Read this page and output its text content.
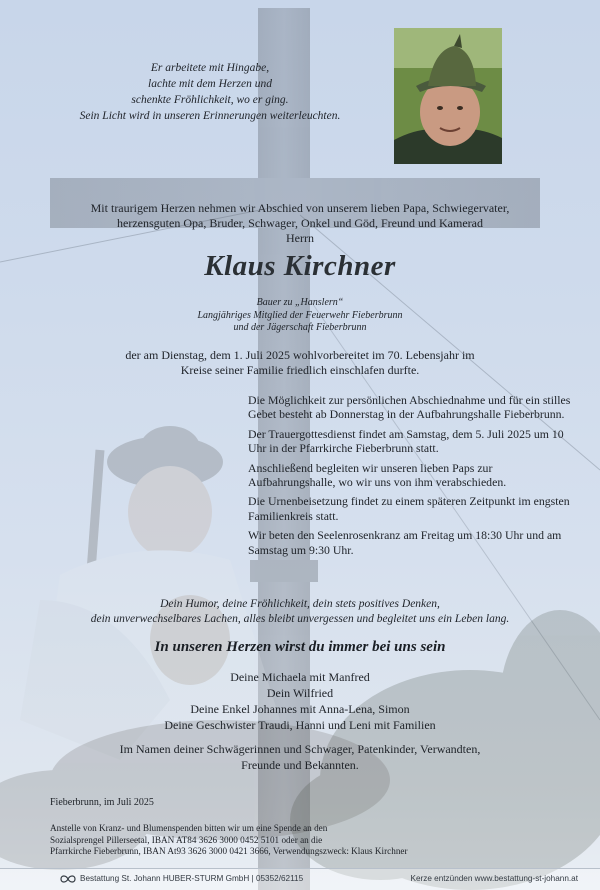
Er arbeitete mit Hingabe,
lachte mit dem Herzen und
schenkte Fröhlichkeit, wo er ging.
Sein Licht wird in unseren Erinnerungen weiterleuchten.

Mit traurigem Herzen nehmen wir Abschied von unserem lieben Papa, Schwiegervater,

herzensguten Opa, Bruder, Schwager, Onkel und Göd, Freund und Kamerad

Herrn

Klaus Kirchner

Bauer zu „Hanslern“

Langjähriges Mitglied der Feuerwehr Fieberbrunn

und der Jägerschaft Fieberbrunn

der am Dienstag, dem 1. Juli 2025 wohlvorbereitet im 70. Lebensjahr im
Kreise seiner Familie friedlich einschlafen durfte.

Die Möglichkeit zur persönlichen Abschiednahme und für ein stilles Gebet besteht ab Donnerstag in der Aufbahrungshalle Fieberbrunn.

Der Trauergottesdienst findet am Samstag, dem 5. Juli 2025 um 10 Uhr in der Pfarrkirche Fieberbrunn statt.

Anschließend begleiten wir unseren lieben Paps zur Aufbahrungshalle, wo wir uns von ihm verabschieden.

Die Urnenbeisetzung findet zu einem späteren Zeitpunkt im engsten Familienkreis statt.

Wir beten den Seelenrosenkranz am Freitag um 18:30 Uhr und am Samstag um 9:30 Uhr.

Dein Humor, deine Fröhlichkeit, dein stets positives Denken,

dein unverwechselbares Lachen, alles bleibt unvergessen und begleitet uns ein Leben lang.

In unseren Herzen wirst du immer bei uns sein

Deine Michaela mit Manfred

Dein Wilfried

Deine Enkel Johannes mit Anna-Lena, Simon

Deine Geschwister Traudi, Hanni und Leni mit Familien

Im Namen deiner Schwägerinnen und Schwager, Patenkinder, Verwandten,

Freunde und Bekannten.

Fieberbrunn, im Juli 2025

Anstelle von Kranz- und Blumenspenden bitten wir um eine Spende an den

Sozialsprengel Pillerseetal, IBAN AT84 3626 3000 0452 5101 oder an die

Pfarrkirche Fieberbrunn, IBAN At93 3626 3000 0421 3666, Verwendungszweck: Klaus Kirchner

Bestattung St. Johann HUBER-STURM GmbH | 05352/62115	Kerze entzünden www.bestattung-st-johann.at
